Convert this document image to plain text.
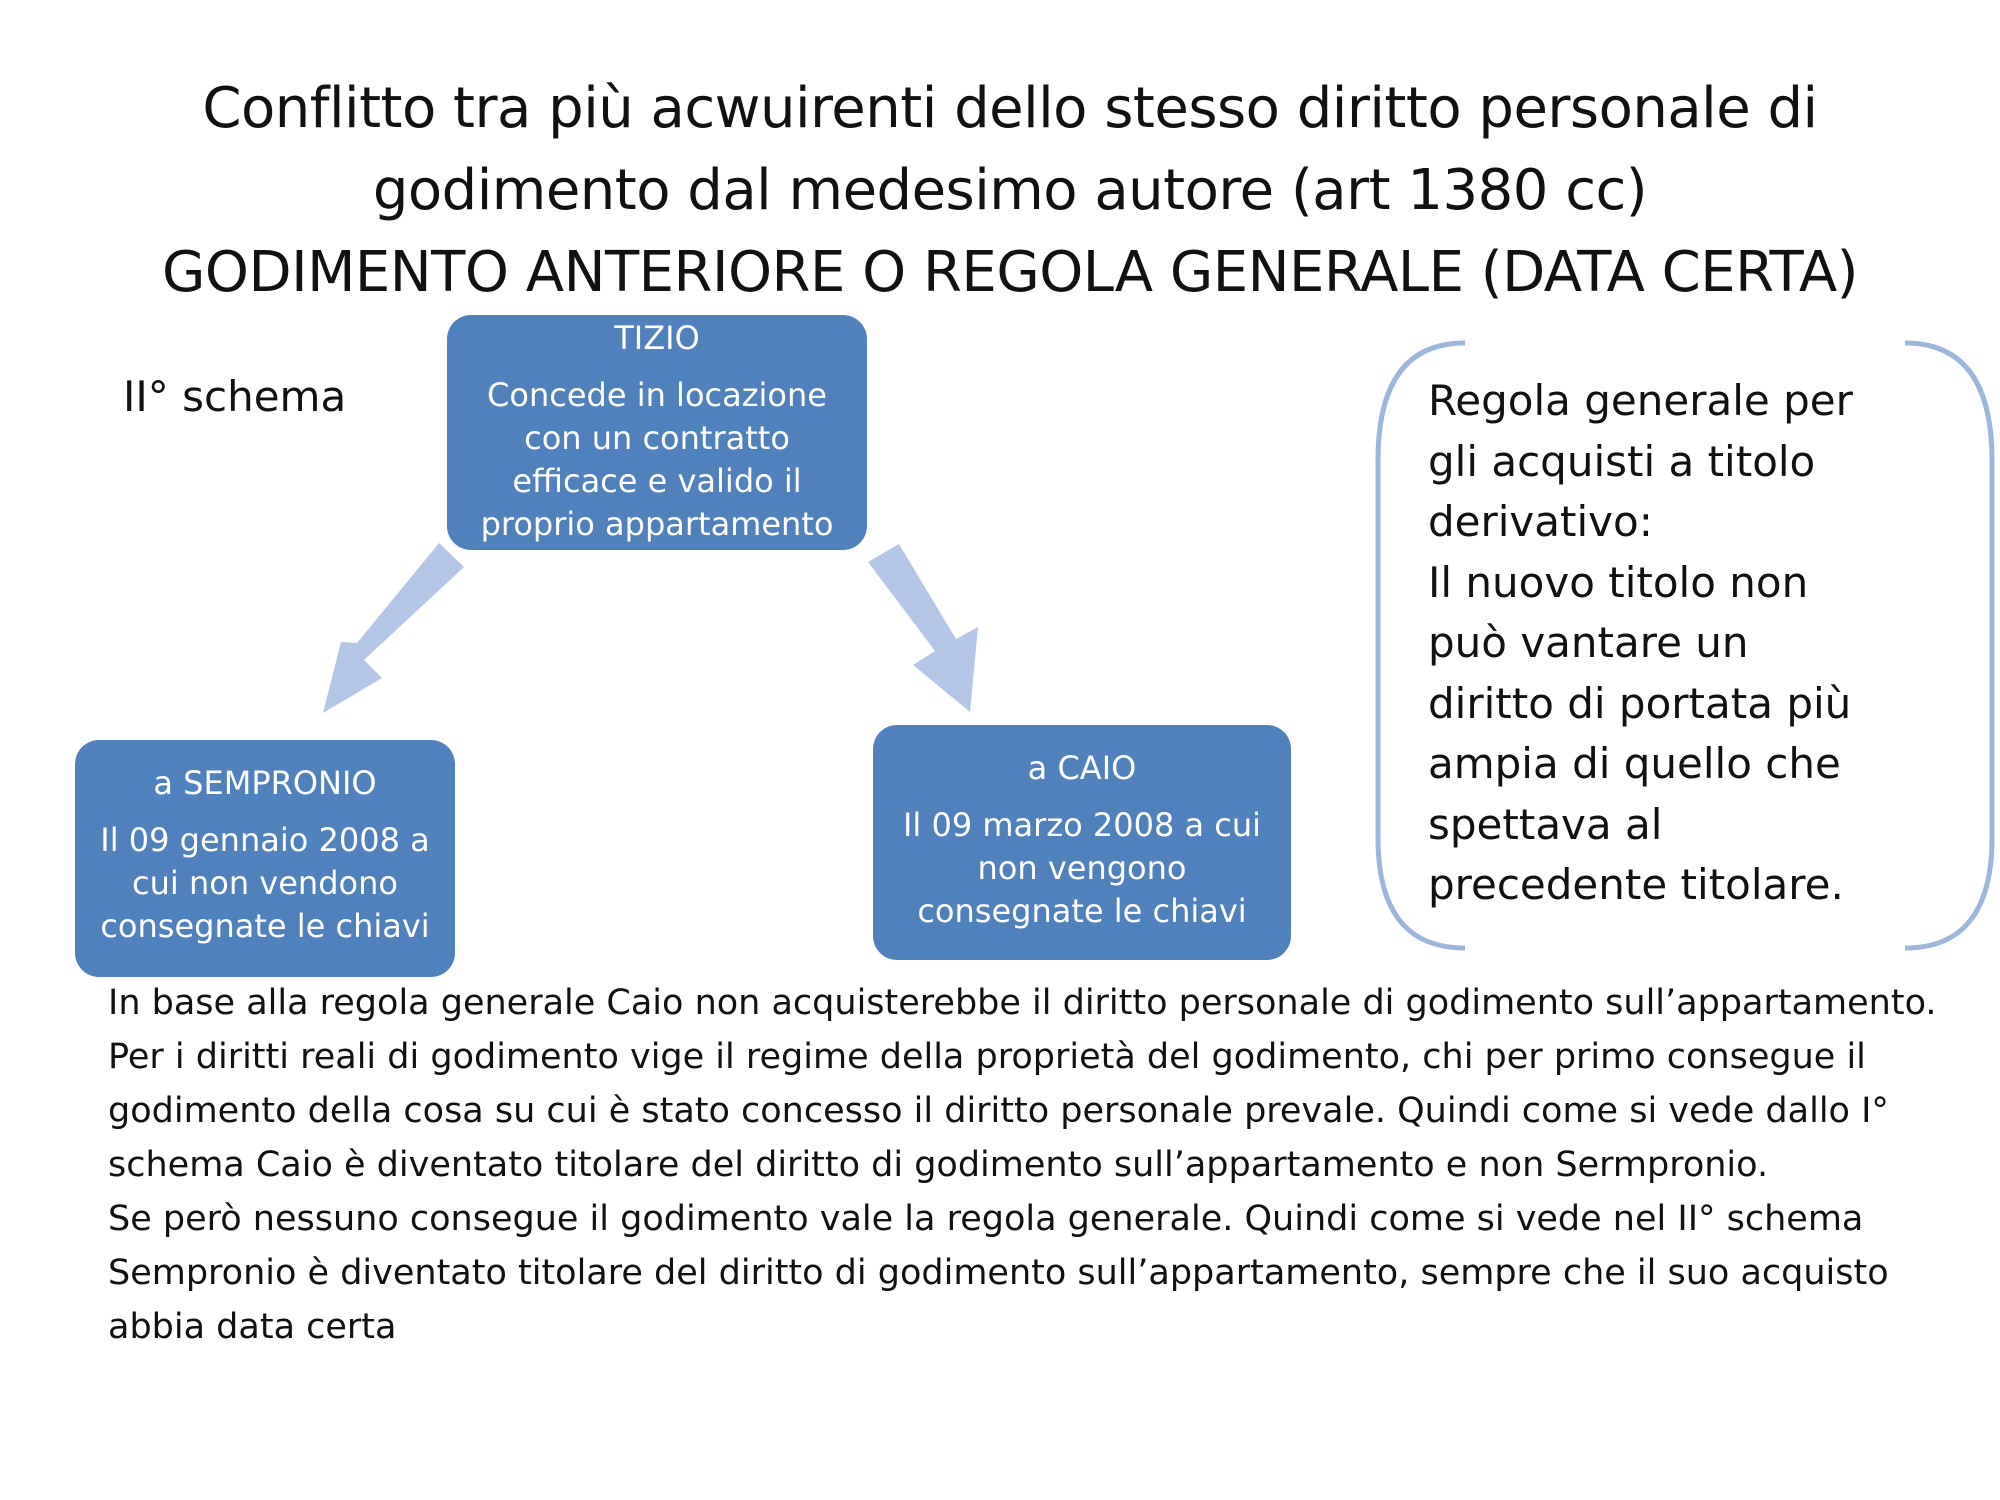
Conflitto tra più acwuirenti dello stesso diritto personale di
godimento dal medesimo autore (art 1380 cc)
GODIMENTO ANTERIORE O REGOLA GENERALE (DATA CERTA)
II° schema
TIZIO
Concede in locazione
con un contratto
efficace e valido il
proprio appartamento
a SEMPRONIO
Il 09 gennaio 2008 a
cui non vendono
consegnate le chiavi
a CAIO
Il 09 marzo 2008 a cui
non vengono
consegnate le chiavi
Regola generale per
gli acquisti a titolo
derivativo:
Il nuovo titolo non
può vantare un
diritto di portata più
ampia di quello che
spettava al
precedente titolare.

In base alla regola generale Caio non acquisterebbe il diritto personale di godimento sull’appartamento.

Per i diritti reali di godimento vige il regime della proprietà del godimento, chi per primo consegue il godimento della cosa su cui è stato concesso il diritto personale prevale. Quindi come si vede dallo I° schema Caio è diventato titolare del diritto di godimento sull’appartamento e non Sermpronio.

Se però nessuno consegue il godimento vale la regola generale. Quindi come si vede nel II° schema Sempronio è diventato titolare del diritto di godimento sull’appartamento, sempre che il suo acquisto abbia data certa
